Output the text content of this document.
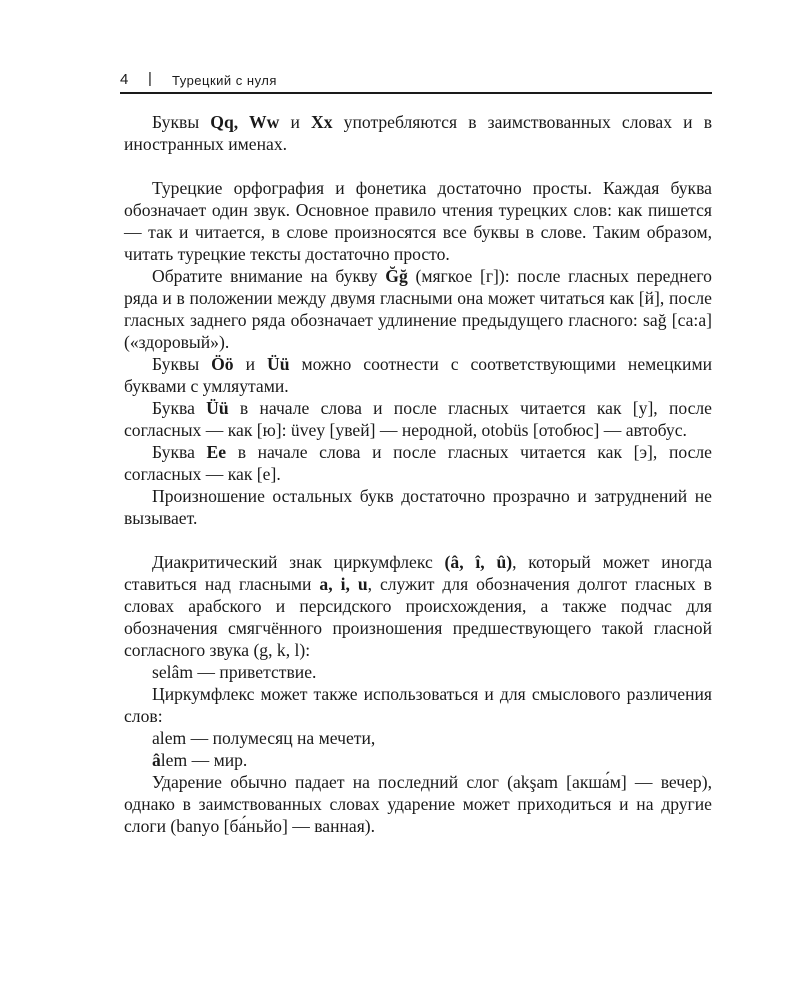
4 | Турецкий с нуля

Буквы Qq, Ww и Xx употребляются в заимствованных словах и в иностранных именах.

Турецкие орфография и фонетика достаточно просты. Каждая буква обозначает один звук. Основное правило чтения турецких слов: как пишется — так и читается, в слове произносятся все буквы в слове. Таким образом, читать турецкие тексты достаточно просто.

Обратите внимание на букву Ğğ (мягкое [г]): после гласных переднего ряда и в положении между двумя гласными она может читаться как [й], после гласных заднего ряда обозначает удлинение предыдущего гласного: sağ [са:а] («здоровый»).

Буквы Öö и Üü можно соотнести с соответствующими немецкими буквами с умляутами.

Буква Üü в начале слова и после гласных читается как [у], после согласных — как [ю]: üvey [увей] — неродной, otobüs [отобюс] — автобус.

Буква Ee в начале слова и после гласных читается как [э], после согласных — как [е].

Произношение остальных букв достаточно прозрачно и затруднений не вызывает.

Диакритический знак циркумфлекс (â, î, û), который может иногда ставиться над гласными a, i, u, служит для обозначения долгот гласных в словах арабского и персидского происхождения, а также подчас для обозначения смягчённого произношения предшествующего такой гласной согласного звука (g, k, l):

selâm — приветствие.

Циркумфлекс может также использоваться и для смыслового различения слов:

alem — полумесяц на мечети,

âlem — мир.

Ударение обычно падает на последний слог (akşam [акша́м] — вечер), однако в заимствованных словах ударение может приходиться и на другие слоги (banyo [ба́ньйо] — ванная).
